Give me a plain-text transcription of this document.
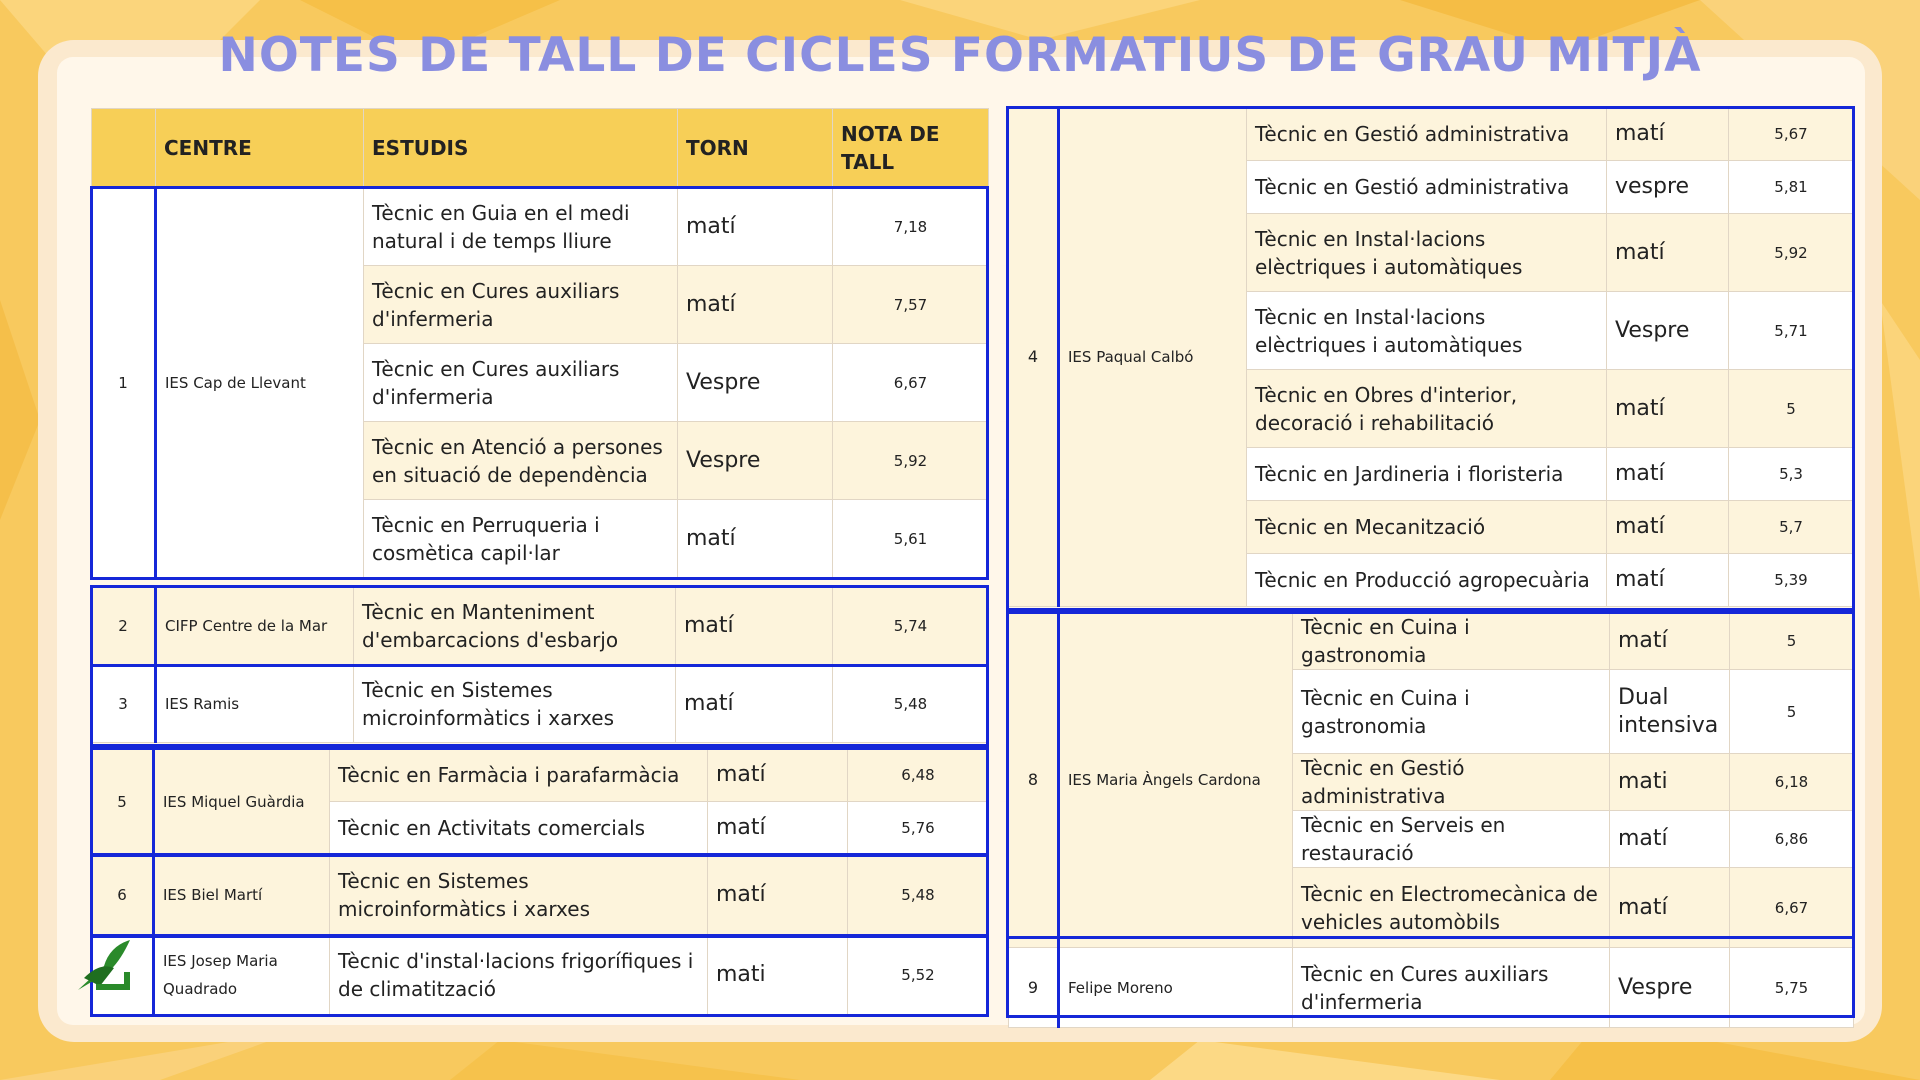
NOTES DE TALL DE CICLES FORMATIUS DE GRAU MITJÀ
	CENTRE	ESTUDIS	TORN	NOTA DE TALL
1	IES Cap de Llevant	Tècnic en Guia en el medi natural i de temps lliure	matí	7,18
		Tècnic en Cures auxiliars d'infermeria	matí	7,57
		Tècnic en Cures auxiliars d'infermeria	Vespre	6,67
		Tècnic en Atenció a persones en situació de dependència	Vespre	5,92
		Tècnic en Perruqueria i cosmètica capil·lar	matí	5,61
2	CIFP Centre de la Mar	Tècnic en Manteniment d'embarcacions d'esbarjo	matí	5,74
3	IES Ramis	Tècnic en Sistemes microinformàtics i xarxes	matí	5,48
5	IES Miquel Guàrdia	Tècnic en Farmàcia i parafarmàcia	matí	6,48
		Tècnic en Activitats comercials	matí	5,76
6	IES Biel Martí	Tècnic en Sistemes microinformàtics i xarxes	matí	5,48
	IES Josep Maria Quadrado	Tècnic d'instal·lacions frigorífiques i de climatització	mati	5,52
4	IES Paqual Calbó	Tècnic en Gestió administrativa	matí	5,67
		Tècnic en Gestió administrativa	vespre	5,81
		Tècnic en Instal·lacions elèctriques i automàtiques	matí	5,92
		Tècnic en Instal·lacions elèctriques i automàtiques	Vespre	5,71
		Tècnic en Obres d'interior, decoració i rehabilitació	matí	5
		Tècnic en Jardineria i floristeria	matí	5,3
		Tècnic en Mecanització	matí	5,7
		Tècnic en Producció agropecuària	matí	5,39
8	IES Maria Àngels Cardona	Tècnic en Cuina i gastronomia	matí	5
		Tècnic en Cuina i gastronomia	Dual intensiva	5
		Tècnic en Gestió administrativa	mati	6,18
		Tècnic en Serveis en restauració	matí	6,86
		Tècnic en Electromecànica de vehicles automòbils	matí	6,67
9	Felipe Moreno	Tècnic en Cures auxiliars d'infermeria	Vespre	5,75
